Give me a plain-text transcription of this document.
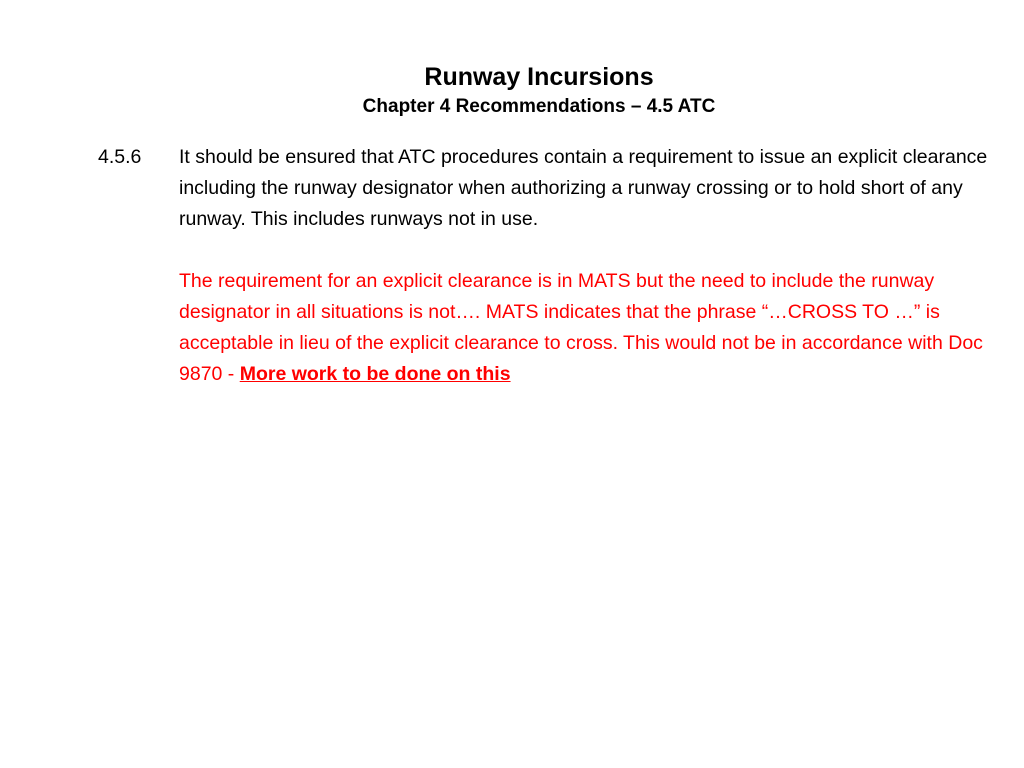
Runway Incursions
Chapter 4 Recommendations – 4.5 ATC
4.5.6 It should be ensured that ATC procedures contain a requirement to issue an explicit clearance including the runway designator when authorizing a runway crossing or to hold short of any runway. This includes runways not in use.
The requirement for an explicit clearance is in MATS but the need to include the runway designator in all situations is not…. MATS indicates that the phrase “…CROSS TO …” is acceptable in lieu of the explicit clearance to cross. This would not be in accordance with Doc 9870 - More work to be done on this
